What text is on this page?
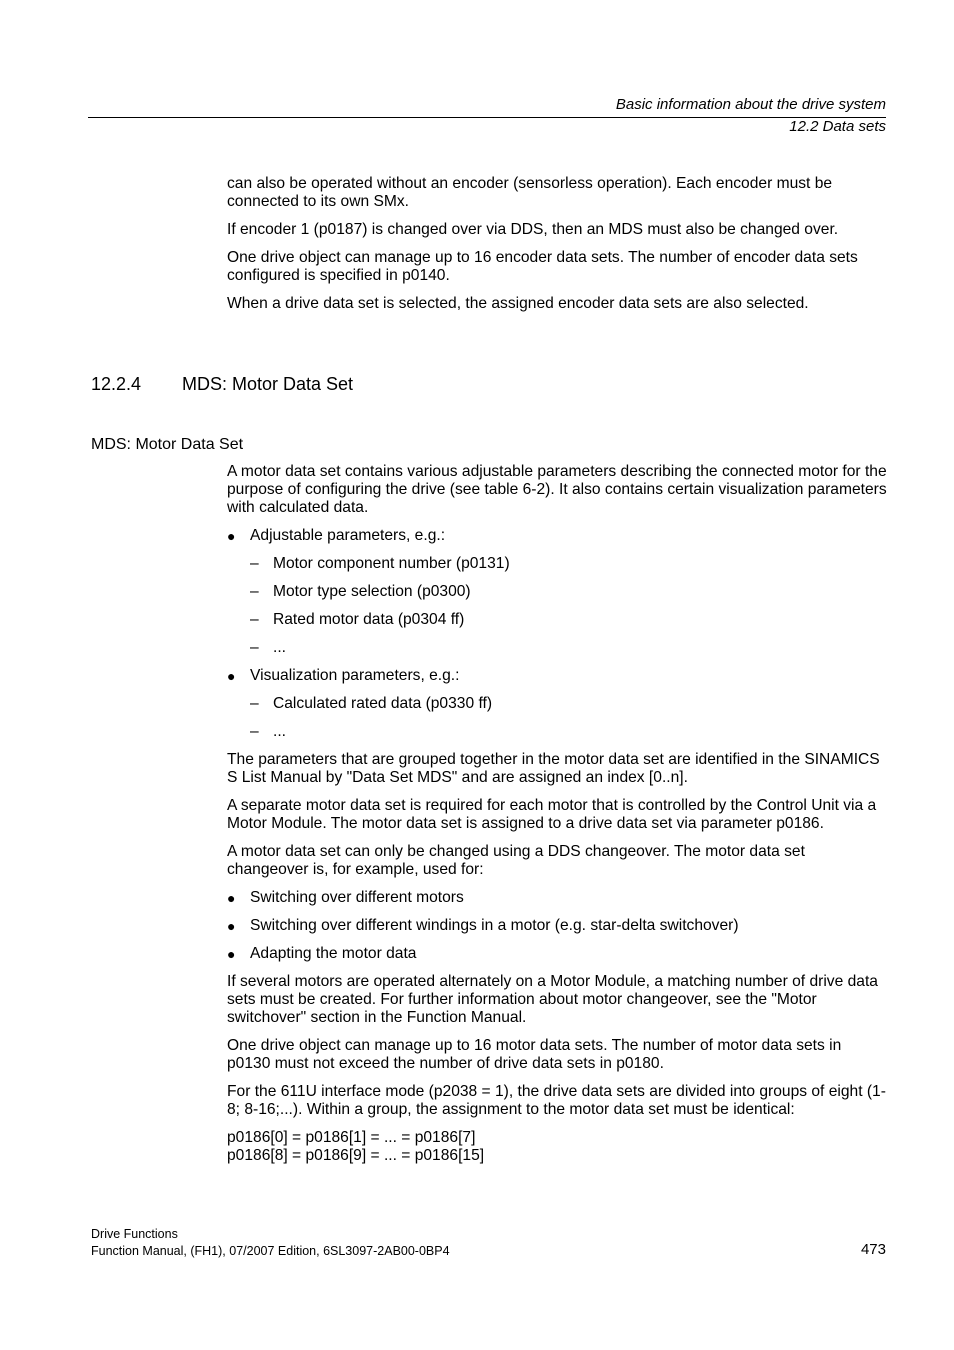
Basic information about the drive system
12.2 Data sets

can also be operated without an encoder (sensorless operation). Each encoder must be connected to its own SMx.

If encoder 1 (p0187) is changed over via DDS, then an MDS must also be changed over.

One drive object can manage up to 16 encoder data sets. The number of encoder data sets configured is specified in p0140.

When a drive data set is selected, the assigned encoder data sets are also selected.

12.2.4 MDS: Motor Data Set
MDS: Motor Data Set

A motor data set contains various adjustable parameters describing the connected motor for the purpose of configuring the drive (see table 6-2). It also contains certain visualization parameters with calculated data.

● Adjustable parameters, e.g.:
– Motor component number (p0131)
– Motor type selection (p0300)
– Rated motor data (p0304 ff)
– ...
● Visualization parameters, e.g.:
– Calculated rated data (p0330 ff)
– ...

The parameters that are grouped together in the motor data set are identified in the SINAMICS S List Manual by "Data Set MDS" and are assigned an index [0..n].

A separate motor data set is required for each motor that is controlled by the Control Unit via a Motor Module. The motor data set is assigned to a drive data set via parameter p0186.

A motor data set can only be changed using a DDS changeover. The motor data set changeover is, for example, used for:

● Switching over different motors
● Switching over different windings in a motor (e.g. star-delta switchover)
● Adapting the motor data

If several motors are operated alternately on a Motor Module, a matching number of drive data sets must be created. For further information about motor changeover, see the "Motor switchover" section in the Function Manual.

One drive object can manage up to 16 motor data sets. The number of motor data sets in p0130 must not exceed the number of drive data sets in p0180.

For the 611U interface mode (p2038 = 1), the drive data sets are divided into groups of eight (1-8; 8-16;...). Within a group, the assignment to the motor data set must be identical:

p0186[0] = p0186[1] = ... = p0186[7]
p0186[8] = p0186[9] = ... = p0186[15]

Drive Functions
Function Manual, (FH1), 07/2007 Edition, 6SL3097-2AB00-0BP4	473
